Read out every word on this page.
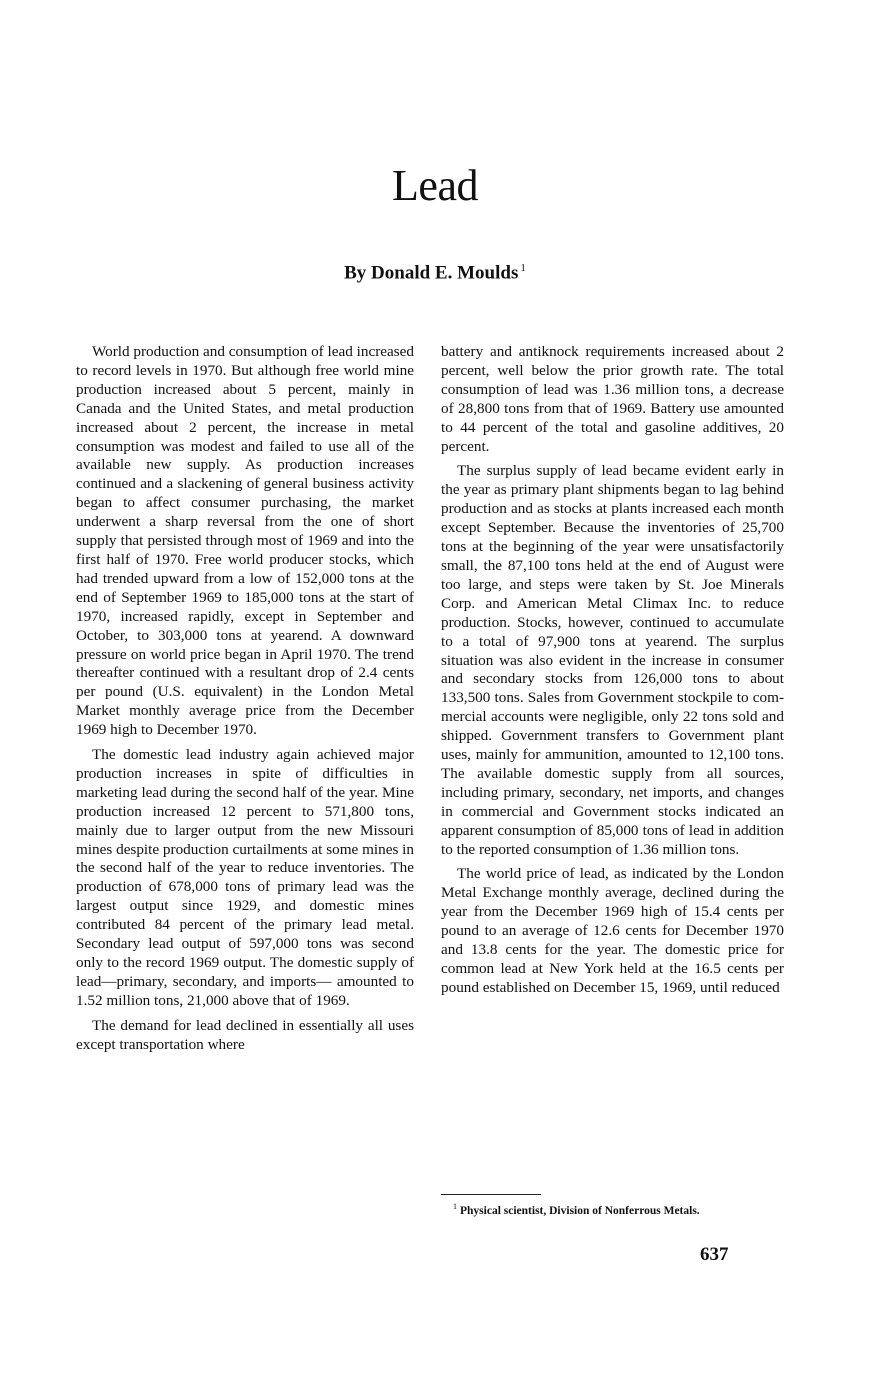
Lead
By Donald E. Moulds $^1$

World production and consumption of lead increased to record levels in 1970. But although free world mine production increased about 5 percent, mainly in Canada and the United States, and metal production increased about 2 percent, the increase in metal consumption was modest and failed to use all of the available new supply. As production increases continued and a slackening of general business activity began to affect consumer purchasing, the market underwent a sharp reversal from the one of short supply that persisted through most of 1969 and into the first half of 1970. Free world producer stocks, which had trended upward from a low of 152,000 tons at the end of September 1969 to 185,000 tons at the start of 1970, increased rapidly, except in September and October, to 303,000 tons at yearend. A downward pressure on world price began in April 1970. The trend thereafter continued with a resultant drop of 2.4 cents per pound (U.S. equivalent) in the London Metal Market monthly average price from the December 1969 high to December 1970.

The domestic lead industry again achieved major production increases in spite of difficulties in marketing lead during the second half of the year. Mine production increased 12 percent to 571,800 tons, mainly due to larger output from the new Missouri mines despite production curtailments at some mines in the second half of the year to reduce inventories. The production of 678,000 tons of primary lead was the largest output since 1929, and domestic mines contributed 84 percent of the primary lead metal. Secondary lead output of 597,000 tons was second only to the record 1969 output. The domestic supply of lead—primary, secondary, and imports— amounted to 1.52 million tons, 21,000 above that of 1969.

The demand for lead declined in essentially all uses except transportation where

battery and antiknock requirements increased about 2 percent, well below the prior growth rate. The total consumption of lead was 1.36 million tons, a decrease of 28,800 tons from that of 1969. Battery use amounted to 44 percent of the total and gasoline additives, 20 percent.

The surplus supply of lead became evident early in the year as primary plant shipments began to lag behind production and as stocks at plants increased each month except September. Because the inventories of 25,700 tons at the beginning of the year were unsatisfactorily small, the 87,100 tons held at the end of August were too large, and steps were taken by St. Joe Minerals Corp. and American Metal Climax Inc. to reduce production. Stocks, however, continued to accumulate to a total of 97,900 tons at yearend. The surplus situation was also evident in the increase in consumer and secondary stocks from 126,000 tons to about 133,500 tons. Sales from Government stockpile to commercial accounts were negligible, only 22 tons sold and shipped. Government transfers to Government plant uses, mainly for ammunition, amounted to 12,100 tons. The available domestic supply from all sources, including primary, secondary, net imports, and changes in commercial and Government stocks indicated an apparent consumption of 85,000 tons of lead in addition to the reported consumption of 1.36 million tons.

The world price of lead, as indicated by the London Metal Exchange monthly average, declined during the year from the December 1969 high of 15.4 cents per pound to an average of 12.6 cents for December 1970 and 13.8 cents for the year. The domestic price for common lead at New York held at the 16.5 cents per pound established on December 15, 1969, until reduced

$^1$ Physical scientist, Division of Nonferrous Metals.
637
